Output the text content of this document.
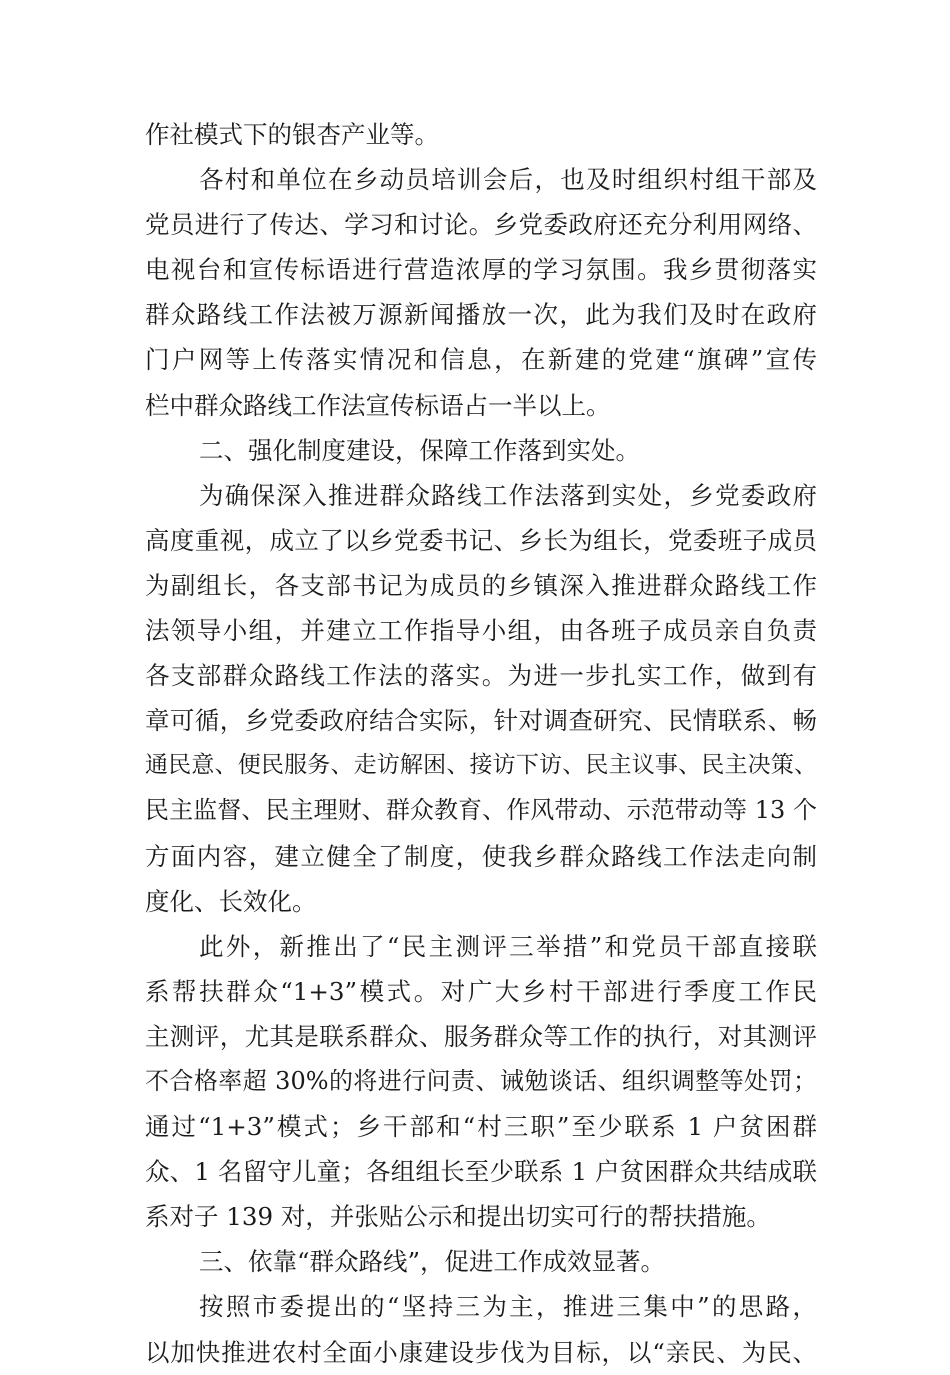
作社模式下的银杏产业等。
各村和单位在乡动员培训会后，也及时组织村组干部及
党员进行了传达、学习和讨论。乡党委政府还充分利用网络、
电视台和宣传标语进行营造浓厚的学习氛围。我乡贯彻落实
群众路线工作法被万源新闻播放一次，此为我们及时在政府
门户网等上传落实情况和信息，在新建的党建“旗碑”宣传
栏中群众路线工作法宣传标语占一半以上。
二、强化制度建设，保障工作落到实处。
为确保深入推进群众路线工作法落到实处，乡党委政府
高度重视，成立了以乡党委书记、乡长为组长，党委班子成员
为副组长，各支部书记为成员的乡镇深入推进群众路线工作
法领导小组，并建立工作指导小组，由各班子成员亲自负责
各支部群众路线工作法的落实。为进一步扎实工作，做到有
章可循，乡党委政府结合实际，针对调查研究、民情联系、畅
通民意、便民服务、走访解困、接访下访、民主议事、民主决策、
民主监督、民主理财、群众教育、作风带动、示范带动等 13 个
方面内容，建立健全了制度，使我乡群众路线工作法走向制
度化、长效化。
此外，新推出了“民主测评三举措”和党员干部直接联
系帮扶群众“1+3”模式。对广大乡村干部进行季度工作民
主测评，尤其是联系群众、服务群众等工作的执行，对其测评
不合格率超 30%的将进行问责、诫勉谈话、组织调整等处罚；
通过“1+3”模式；乡干部和“村三职”至少联系 1 户贫困群
众、1 名留守儿童；各组组长至少联系 1 户贫困群众共结成联
系对子 139 对，并张贴公示和提出切实可行的帮扶措施。
三、依靠“群众路线”，促进工作成效显著。
按照市委提出的“坚持三为主，推进三集中”的思路，
以加快推进农村全面小康建设步伐为目标，以“亲民、为民、
